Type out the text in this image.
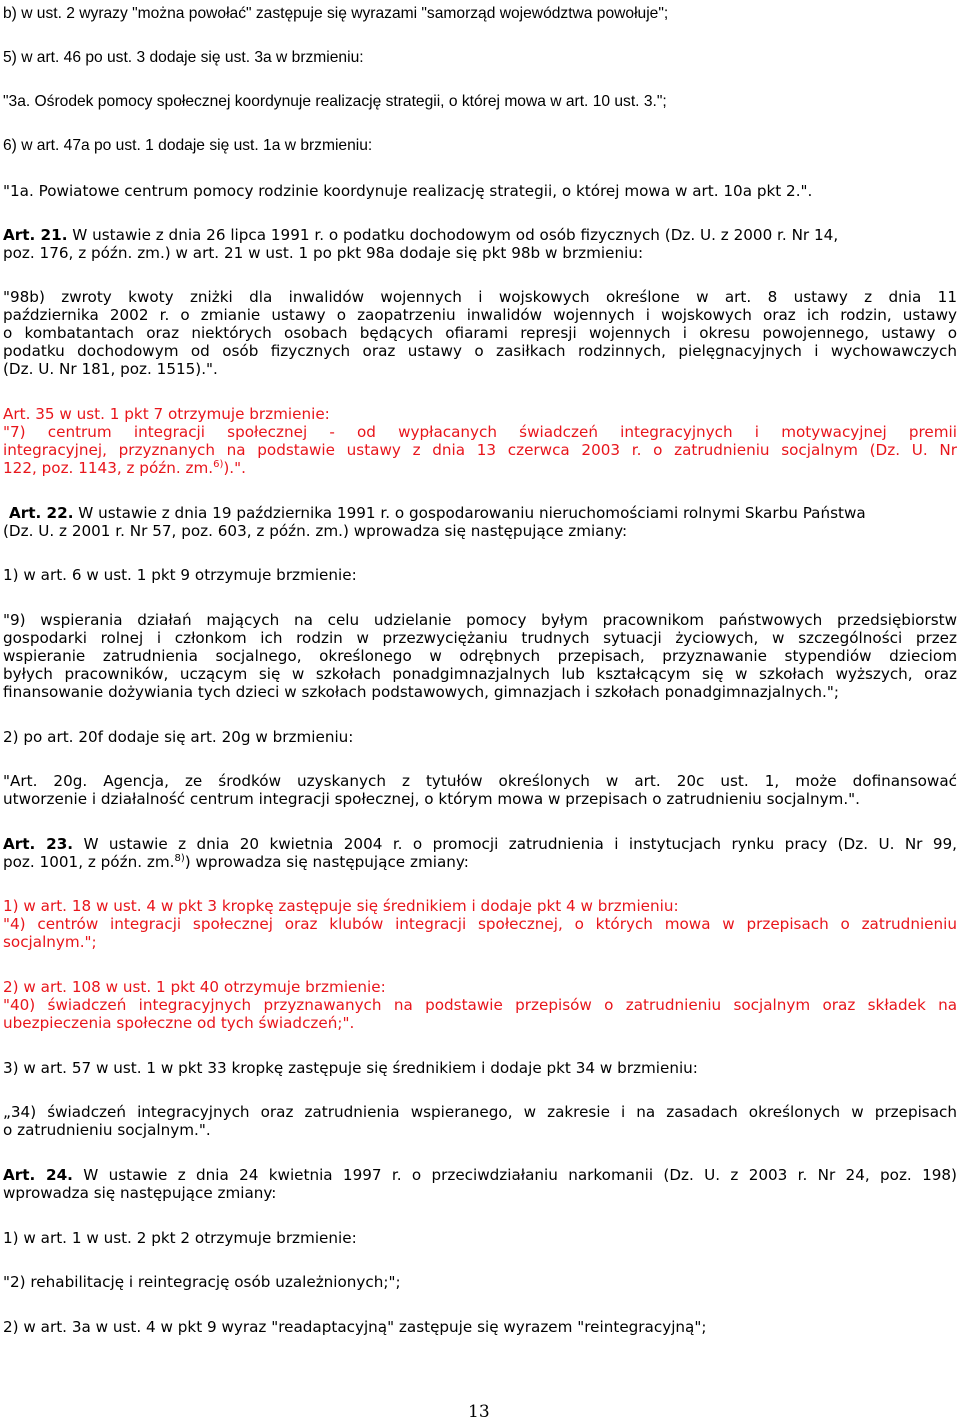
b) w ust. 2 wyrazy "można powołać" zastępuje się wyrazami "samorząd województwa powołuje";
5) w art. 46 po ust. 3 dodaje się ust. 3a w brzmieniu:
"3a. Ośrodek pomocy społecznej koordynuje realizację strategii, o której mowa w art. 10 ust. 3.";
6) w art. 47a po ust. 1 dodaje się ust. 1a w brzmieniu:
"1a. Powiatowe centrum pomocy rodzinie koordynuje realizację strategii, o której mowa w art. 10a pkt 2.".
Art. 21. W ustawie z dnia 26 lipca 1991 r. o podatku dochodowym od osób fizycznych (Dz. U. z 2000 r. Nr 14,
poz. 176, z późn. zm.) w art. 21 w ust. 1 po pkt 98a dodaje się pkt 98b w brzmieniu:
"98b) zwroty kwoty zniżki dla inwalidów wojennych i wojskowych określone w art. 8 ustawy z dnia 11
października 2002 r. o zmianie ustawy o zaopatrzeniu inwalidów wojennych i wojskowych oraz ich rodzin, ustawy
o kombatantach oraz niektórych osobach będących ofiarami represji wojennych i okresu powojennego, ustawy o
podatku dochodowym od osób fizycznych oraz ustawy o zasiłkach rodzinnych, pielęgnacyjnych i wychowawczych
(Dz. U. Nr 181, poz. 1515).".
Art. 35 w ust. 1 pkt 7 otrzymuje brzmienie:
"7) centrum integracji społecznej - od wypłacanych świadczeń integracyjnych i motywacyjnej premii
integracyjnej, przyznanych na podstawie ustawy z dnia 13 czerwca 2003 r. o zatrudnieniu socjalnym (Dz. U. Nr
122, poz. 1143, z późn. zm.$^{6)}$).".
Art. 22. W ustawie z dnia 19 października 1991 r. o gospodarowaniu nieruchomościami rolnymi Skarbu Państwa
(Dz. U. z 2001 r. Nr 57, poz. 603, z późn. zm.) wprowadza się następujące zmiany:
1) w art. 6 w ust. 1 pkt 9 otrzymuje brzmienie:
"9) wspierania działań mających na celu udzielanie pomocy byłym pracownikom państwowych przedsiębiorstw
gospodarki rolnej i członkom ich rodzin w przezwyciężaniu trudnych sytuacji życiowych, w szczególności przez
wspieranie zatrudnienia socjalnego, określonego w odrębnych przepisach, przyznawanie stypendiów dzieciom
byłych pracowników, uczącym się w szkołach ponadgimnazjalnych lub kształcącym się w szkołach wyższych, oraz
finansowanie dożywiania tych dzieci w szkołach podstawowych, gimnazjach i szkołach ponadgimnazjalnych.";
2) po art. 20f dodaje się art. 20g w brzmieniu:
"Art. 20g. Agencja, ze środków uzyskanych z tytułów określonych w art. 20c ust. 1, może dofinansować
utworzenie i działalność centrum integracji społecznej, o którym mowa w przepisach o zatrudnieniu socjalnym.".
Art. 23. W ustawie z dnia 20 kwietnia 2004 r. o promocji zatrudnienia i instytucjach rynku pracy (Dz. U. Nr 99,
poz. 1001, z późn. zm.$^{8)}$) wprowadza się następujące zmiany:
1) w art. 18 w ust. 4 w pkt 3 kropkę zastępuje się średnikiem i dodaje pkt 4 w brzmieniu:
"4) centrów integracji społecznej oraz klubów integracji społecznej, o których mowa w przepisach o zatrudnieniu
socjalnym.";
2) w art. 108 w ust. 1 pkt 40 otrzymuje brzmienie:
"40) świadczeń integracyjnych przyznawanych na podstawie przepisów o zatrudnieniu socjalnym oraz składek na
ubezpieczenia społeczne od tych świadczeń;".
3) w art. 57 w ust. 1 w pkt 33 kropkę zastępuje się średnikiem i dodaje pkt 34 w brzmieniu:
„34) świadczeń integracyjnych oraz zatrudnienia wspieranego, w zakresie i na zasadach określonych w przepisach
o zatrudnieniu socjalnym.".
Art. 24. W ustawie z dnia 24 kwietnia 1997 r. o przeciwdziałaniu narkomanii (Dz. U. z 2003 r. Nr 24, poz. 198)
wprowadza się następujące zmiany:
1) w art. 1 w ust. 2 pkt 2 otrzymuje brzmienie:
"2) rehabilitację i reintegrację osób uzależnionych;";
2) w art. 3a w ust. 4 w pkt 9 wyraz "readaptacyjną" zastępuje się wyrazem "reintegracyjną";
13
